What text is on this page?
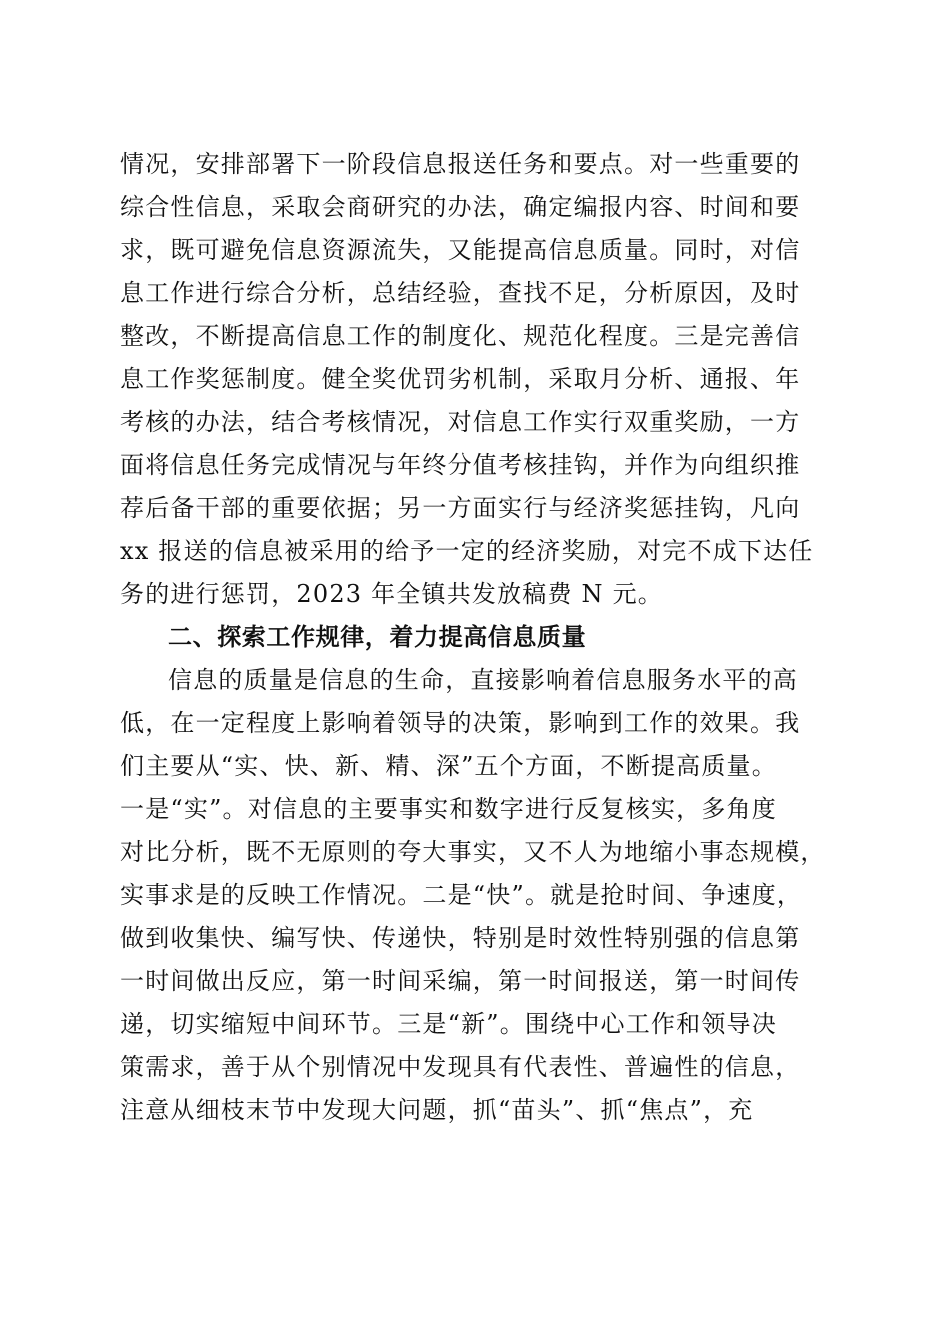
情况，安排部署下一阶段信息报送任务和要点。对一些重要的
综合性信息，采取会商研究的办法，确定编报内容、时间和要
求，既可避免信息资源流失，又能提高信息质量。同时，对信
息工作进行综合分析，总结经验，查找不足，分析原因，及时
整改，不断提高信息工作的制度化、规范化程度。三是完善信
息工作奖惩制度。健全奖优罚劣机制，采取月分析、通报、年
考核的办法，结合考核情况，对信息工作实行双重奖励，一方
面将信息任务完成情况与年终分值考核挂钩，并作为向组织推
荐后备干部的重要依据；另一方面实行与经济奖惩挂钩，凡向
xx 报送的信息被采用的给予一定的经济奖励，对完不成下达任
务的进行惩罚，2023 年全镇共发放稿费 N 元。
二、探索工作规律，着力提高信息质量
信息的质量是信息的生命，直接影响着信息服务水平的高
低，在一定程度上影响着领导的决策，影响到工作的效果。我
们主要从“实、快、新、精、深”五个方面，不断提高质量。
一是“实”。对信息的主要事实和数字进行反复核实，多角度
对比分析，既不无原则的夸大事实，又不人为地缩小事态规模，
实事求是的反映工作情况。二是“快”。就是抢时间、争速度，
做到收集快、编写快、传递快，特别是时效性特别强的信息第
一时间做出反应，第一时间采编，第一时间报送，第一时间传
递，切实缩短中间环节。三是“新”。围绕中心工作和领导决
策需求，善于从个别情况中发现具有代表性、普遍性的信息，
注意从细枝末节中发现大问题，抓“苗头”、抓“焦点”，充
